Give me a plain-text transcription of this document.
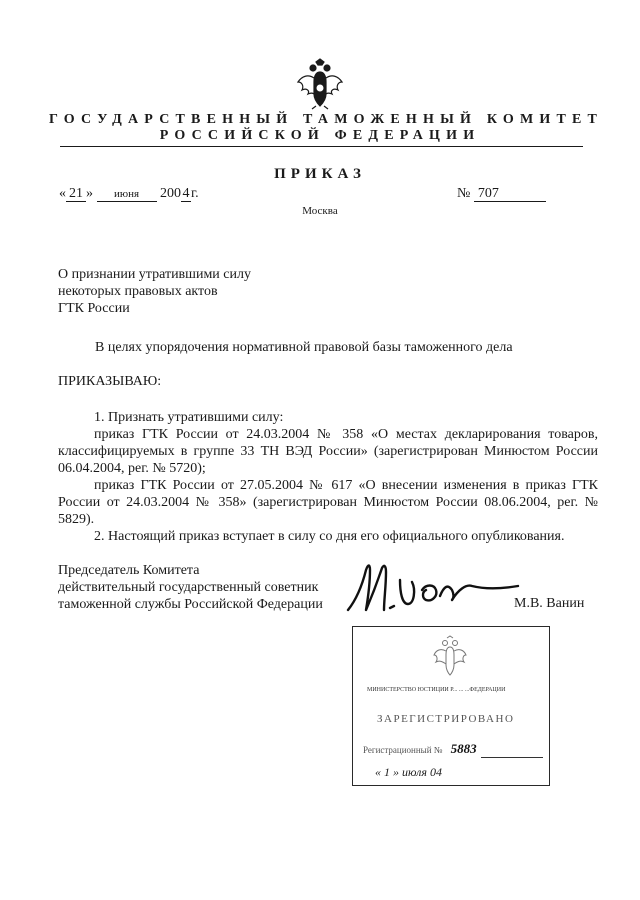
ГОСУДАРСТВЕННЫЙ ТАМОЖЕННЫЙ КОМИТЕТ
РОССИЙСКОЙ ФЕДЕРАЦИИ
ПРИКАЗ
« 21 » июня 200 4 г.	№ 707
Москва
О признании утратившими силу
некоторых правовых актов
ГТК России
В целях упорядочения нормативной правовой базы таможенного дела
ПРИКАЗЫВАЮ:
1. Признать утратившими силу:
приказ ГТК России от 24.03.2004 № 358 «О местах декларирования товаров, классифицируемых в группе 33 ТН ВЭД России» (зарегистрирован Минюстом России 06.04.2004, рег. № 5720);
приказ ГТК России от 27.05.2004 № 617 «О внесении изменения в приказ ГТК России от 24.03.2004 № 358» (зарегистрирован Минюстом России 08.06.2004, рег. № 5829).
2. Настоящий приказ вступает в силу со дня его официального опубликования.
Председатель Комитета
действительный государственный советник
таможенной службы Российской Федерации	М.В. Ванин
МИНИСТЕРСТВО ЮСТИЦИИ Р... ... ...ФЕДЕРАЦИИ
ЗАРЕГИСТРИРОВАНО
Регистрационный № 5883
« 1 » июля 04
